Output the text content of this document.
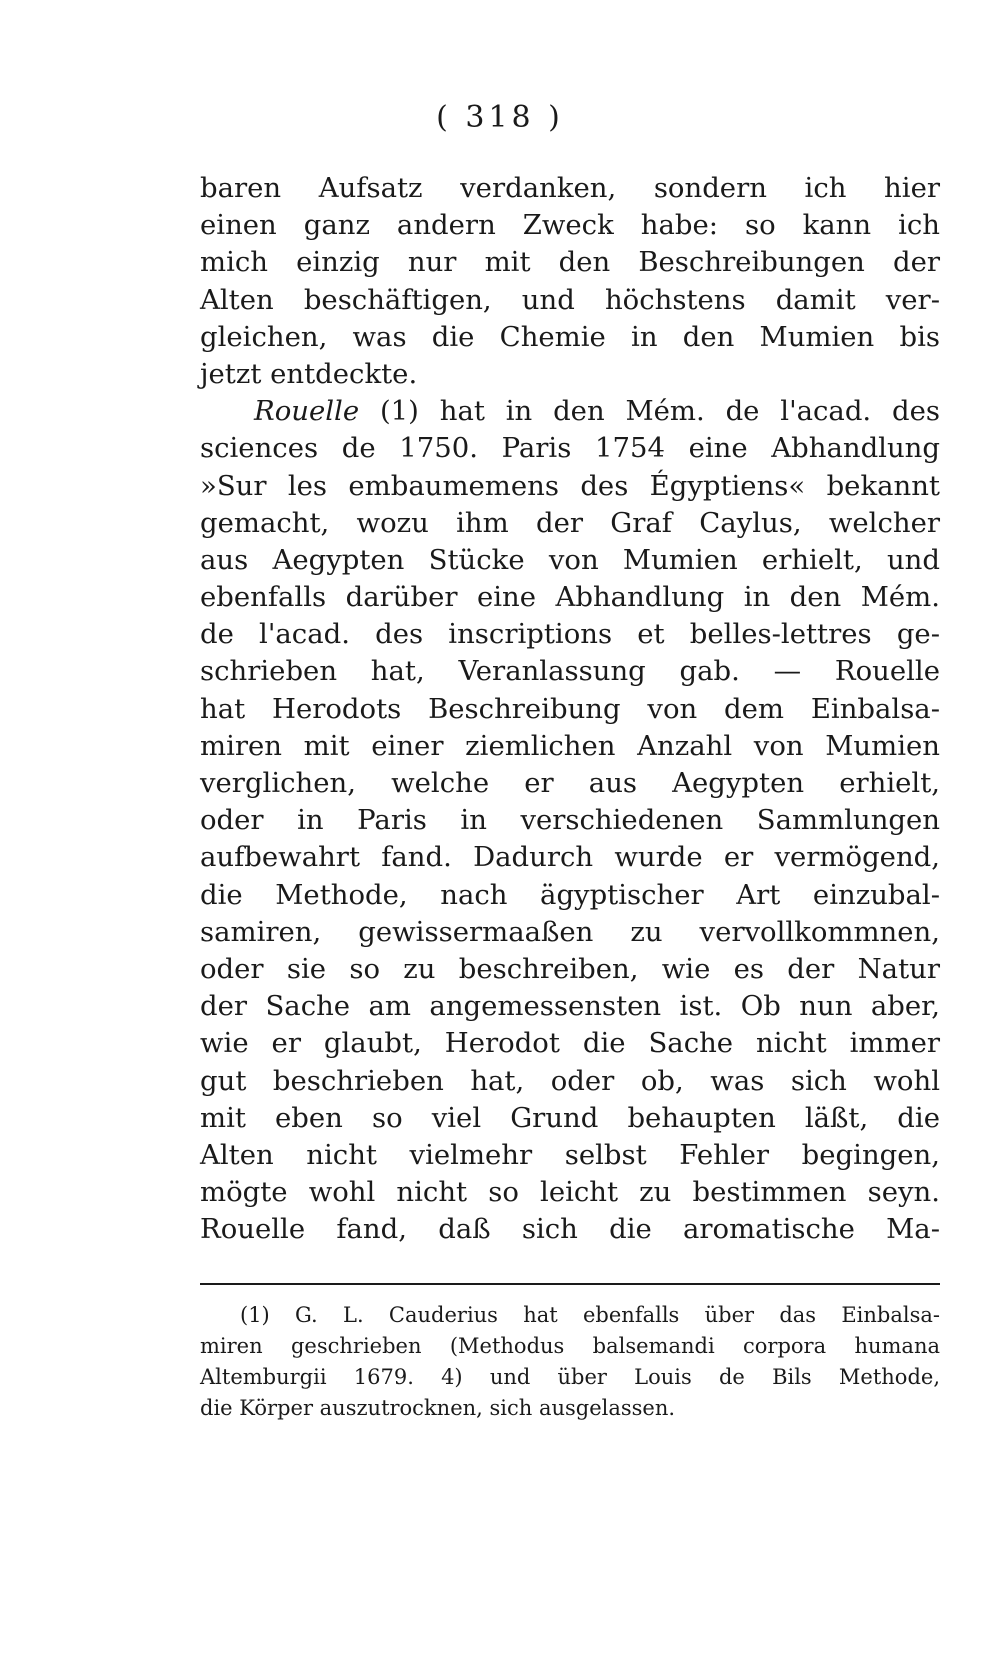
( 318 )
baren Aufsatz verdanken, sondern ich hier
einen ganz andern Zweck habe: so kann ich
mich einzig nur mit den Beschreibungen der
Alten beschäftigen, und höchstens damit ver-
gleichen, was die Chemie in den Mumien bis
jetzt entdeckte.
Rouelle (1) hat in den Mém. de l'acad. des
sciences de 1750. Paris 1754 eine Abhandlung
»Sur les embaumemens des Égyptiens« bekannt
gemacht, wozu ihm der Graf Caylus, welcher
aus Aegypten Stücke von Mumien erhielt, und
ebenfalls darüber eine Abhandlung in den Mém.
de l'acad. des inscriptions et belles-lettres ge-
schrieben hat, Veranlassung gab. — Rouelle
hat Herodots Beschreibung von dem Einbalsa-
miren mit einer ziemlichen Anzahl von Mumien
verglichen, welche er aus Aegypten erhielt,
oder in Paris in verschiedenen Sammlungen
aufbewahrt fand. Dadurch wurde er vermögend,
die Methode, nach ägyptischer Art einzubal-
samiren, gewissermaaßen zu vervollkommnen,
oder sie so zu beschreiben, wie es der Natur
der Sache am angemessensten ist. Ob nun aber,
wie er glaubt, Herodot die Sache nicht immer
gut beschrieben hat, oder ob, was sich wohl
mit eben so viel Grund behaupten läßt, die
Alten nicht vielmehr selbst Fehler begingen,
mögte wohl nicht so leicht zu bestimmen seyn.
Rouelle fand, daß sich die aromatische Ma-
(1) G. L. Cauderius hat ebenfalls über das Einbalsa-
miren geschrieben (Methodus balsemandi corpora humana
Altemburgii 1679. 4) und über Louis de Bils Methode,
die Körper auszutrocknen, sich ausgelassen.
